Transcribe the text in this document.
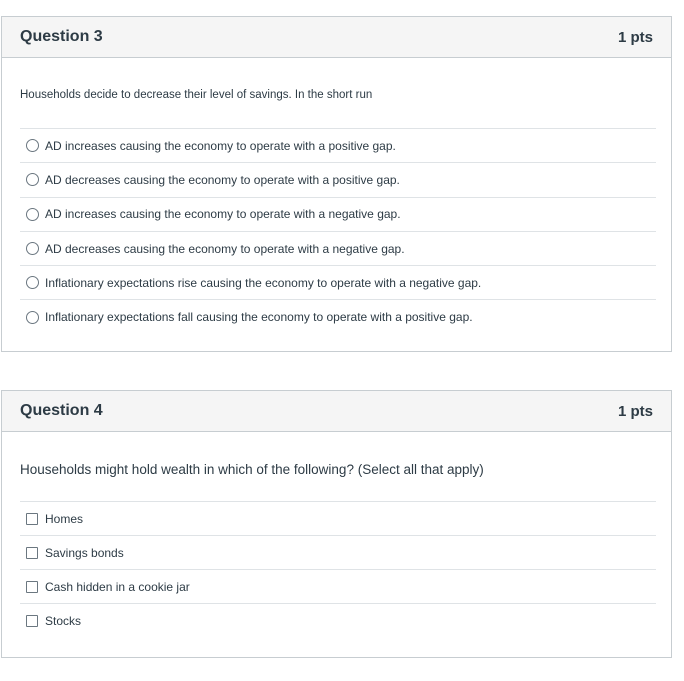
Question 3	1 pts
Households decide to decrease their level of savings. In the short run
AD increases causing the economy to operate with a positive gap.
AD decreases causing the economy to operate with a positive gap.
AD increases causing the economy to operate with a negative gap.
AD decreases causing the economy to operate with a negative gap.
Inflationary expectations rise causing the economy to operate with a negative gap.
Inflationary expectations fall causing the economy to operate with a positive gap.
Question 4	1 pts
Households might hold wealth in which of the following? (Select all that apply)
Homes
Savings bonds
Cash hidden in a cookie jar
Stocks
